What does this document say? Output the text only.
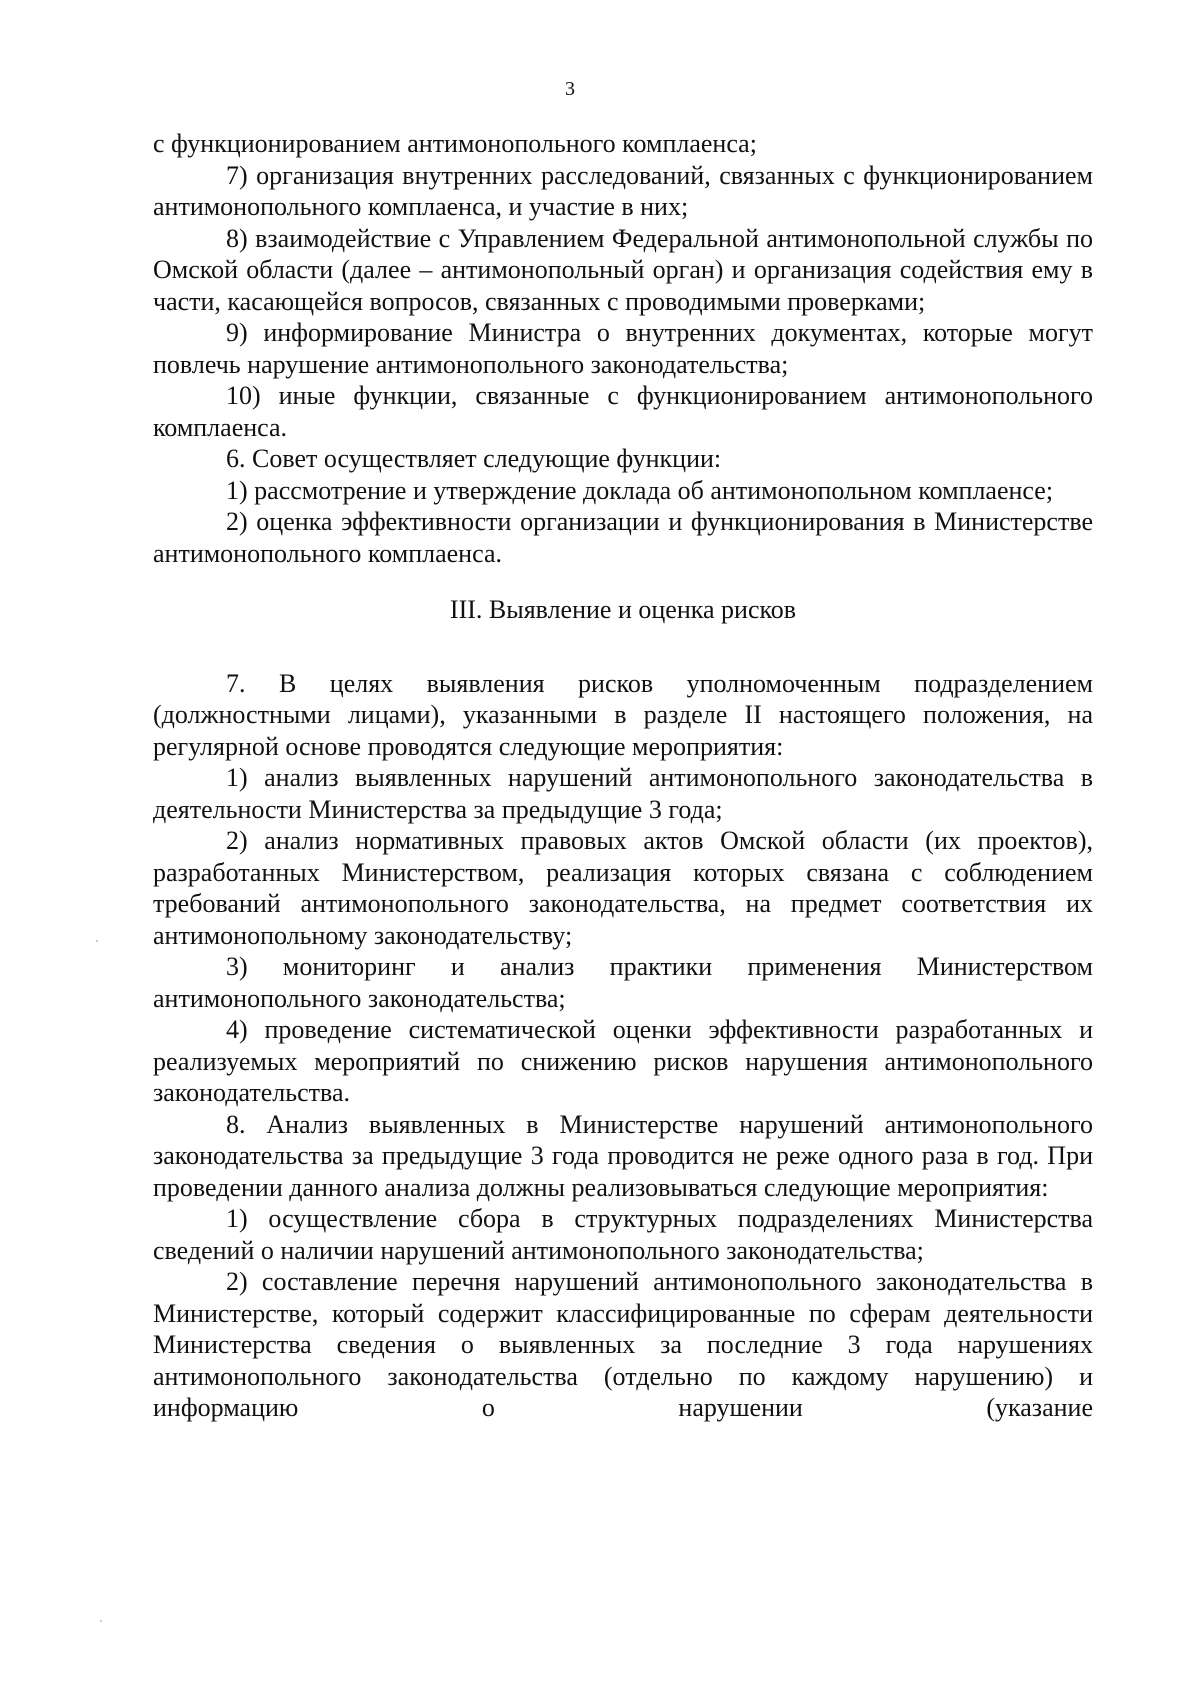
3

с функционированием антимонопольного комплаенса;

7) организация внутренних расследований, связанных с функционированием антимонопольного комплаенса, и участие в них;

8) взаимодействие с Управлением Федеральной антимонопольной службы по Омской области (далее – антимонопольный орган) и организация содействия ему в части, касающейся вопросов, связанных с проводимыми проверками;

9) информирование Министра о внутренних документах, которые могут повлечь нарушение антимонопольного законодательства;

10) иные функции, связанные с функционированием антимонопольного комплаенса.

6. Совет осуществляет следующие функции:

1) рассмотрение и утверждение доклада об антимонопольном комплаенсе;

2) оценка эффективности организации и функционирования в Министерстве антимонопольного комплаенса.

III. Выявление и оценка рисков

7. В целях выявления рисков уполномоченным подразделением (должностными лицами), указанными в разделе II настоящего положения, на регулярной основе проводятся следующие мероприятия:

1) анализ выявленных нарушений антимонопольного законодательства в деятельности Министерства за предыдущие 3 года;

2) анализ нормативных правовых актов Омской области (их проектов), разработанных Министерством, реализация которых связана с соблюдением требований антимонопольного законодательства, на предмет соответствия их антимонопольному законодательству;

3) мониторинг и анализ практики применения Министерством антимонопольного законодательства;

4) проведение систематической оценки эффективности разработанных и реализуемых мероприятий по снижению рисков нарушения антимонопольного законодательства.

8. Анализ выявленных в Министерстве нарушений антимонопольного законодательства за предыдущие 3 года проводится не реже одного раза в год. При проведении данного анализа должны реализовываться следующие мероприятия:

1) осуществление сбора в структурных подразделениях Министерства сведений о наличии нарушений антимонопольного законодательства;

2) составление перечня нарушений антимонопольного законодательства в Министерстве, который содержит классифицированные по сферам деятельности Министерства сведения о выявленных за последние 3 года нарушениях антимонопольного законодательства (отдельно по каждому нарушению) и информацию о нарушении (указание
